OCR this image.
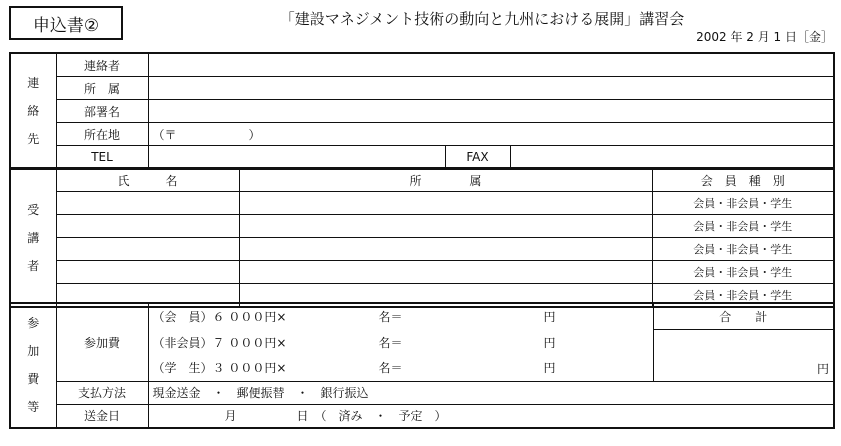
申込書②	「建設マネジメント技術の動向と九州における展開」講習会
2002 年 2 月 1 日［金］
連
絡
先	連絡者			
	所　属			
	部署名			
	所在地	（〒　　　　　　）		
	TEL		FAX	
受
講
者	氏　　　名	所　　　　属	会　員　種　別
			会員・非会員・学生
			会員・非会員・学生
			会員・非会員・学生
			会員・非会員・学生
			会員・非会員・学生
参
加
費
等	参加費	（会　員）６ ０００円× 名＝ 円	合　　計
		（非会員）７ ０００円× 名＝ 円	円
		（学　生）３ ０００円× 名＝ 円	

	支払方法	現金送金　・　郵便振替　・　銀行振込	
	送金日	月　　　　　日　（　済み　・　予定　）	
